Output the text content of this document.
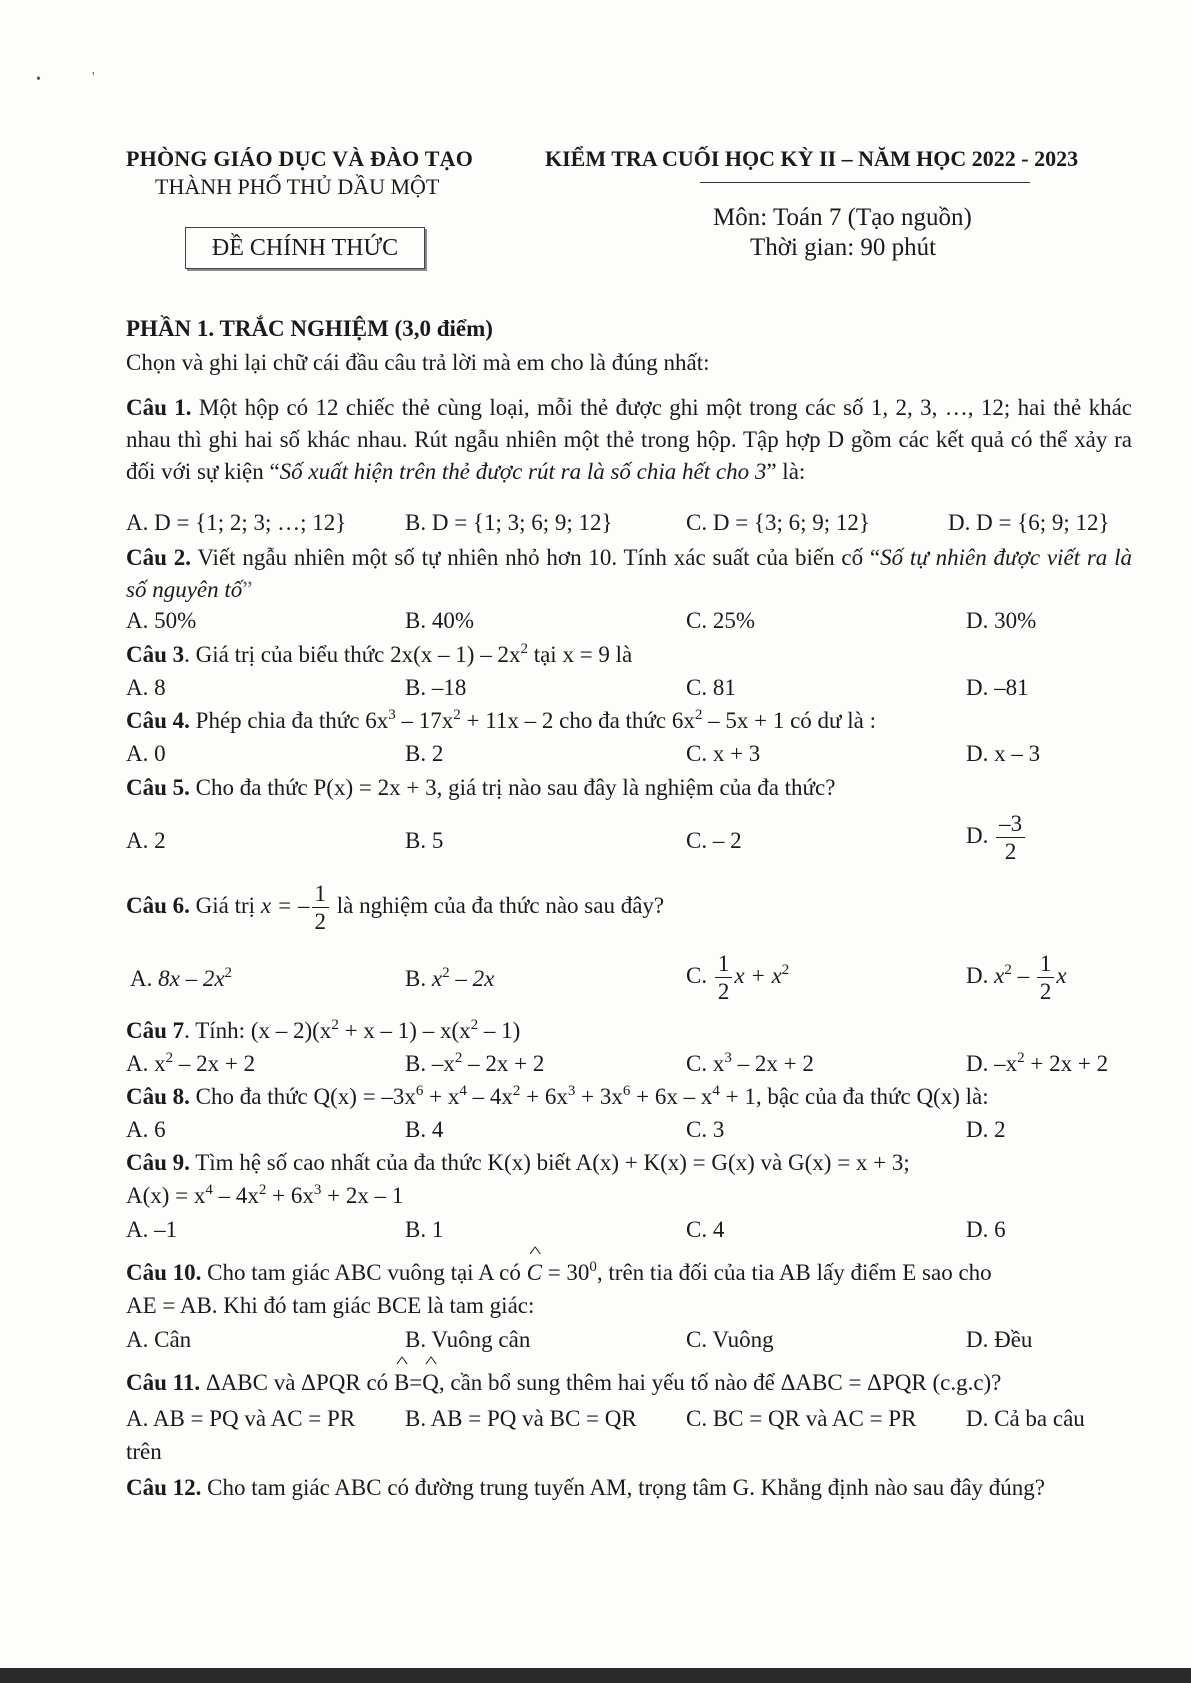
•	'
PHÒNG GIÁO DỤC VÀ ĐÀO TẠO
THÀNH PHỐ THỦ DẦU MỘT
KIỂM TRA CUỐI HỌC KỲ II – NĂM HỌC 2022 - 2023
Môn: Toán 7 (Tạo nguồn)
Thời gian: 90 phút
ĐỀ CHÍNH THỨC
PHẦN 1. TRẮC NGHIỆM (3,0 điểm)
Chọn và ghi lại chữ cái đầu câu trả lời mà em cho là đúng nhất:
Câu 1. Một hộp có 12 chiếc thẻ cùng loại, mỗi thẻ được ghi một trong các số 1, 2, 3, …, 12; hai thẻ khác nhau thì ghi hai số khác nhau. Rút ngẫu nhiên một thẻ trong hộp. Tập hợp D gồm các kết quả có thể xảy ra đối với sự kiện “Số xuất hiện trên thẻ được rút ra là số chia hết cho 3” là:
A. D = {1; 2; 3; …; 12}	B. D = {1; 3; 6; 9; 12}	C. D = {3; 6; 9; 12}	D. D = {6; 9; 12}
Câu 2. Viết ngẫu nhiên một số tự nhiên nhỏ hơn 10. Tính xác suất của biến cố “Số tự nhiên được viết ra là số nguyên tố”
A. 50%	B. 40%	C. 25%	D. 30%
Câu 3. Giá trị của biểu thức $2x(x - 1) - 2x^2$ tại x = 9 là
A. 8	B. –18	C. 81	D. –81
Câu 4. Phép chia đa thức $6x^3 - 17x^2 + 11x - 2$ cho đa thức $6x^2 - 5x + 1$ có dư là :
A. 0	B. 2	C. x + 3	D. x – 3
Câu 5. Cho đa thức P(x) = 2x + 3, giá trị nào sau đây là nghiệm của đa thức?
A. 2	B. 5	C. – 2	D. $\frac{-3}{2}$
Câu 6. Giá trị x = – $\frac{1}{2}$ là nghiệm của đa thức nào sau đây?
A. $8x - 2x^2$	B. $x^2 - 2x$	C. $\frac{1}{2}$ $x + x^2$	D. $x^2 - \frac{1}{2}$ x
Câu 7. Tính: $(x - 2)(x^2 + x - 1) - x(x^2 - 1)$
A. $x^2 - 2x + 2$	B. $-x^2 - 2x + 2$	C. $x^3 - 2x + 2$	D. $-x^2 + 2x + 2$
Câu 8. Cho đa thức $Q(x) = -3x^6 + x^4 - 4x^2 + 6x^3 + 3x^6 + 6x - x^4 + 1$, bậc của đa thức Q(x) là:
A. 6	B. 4	C. 3	D. 2
Câu 9. Tìm hệ số cao nhất của đa thức K(x) biết A(x) + K(x) = G(x) và G(x) = x + 3;
$A(x) = x^4 - 4x^2 + 6x^3 + 2x - 1$
A. –1	B. 1	C. 4	D. 6
Câu 10. Cho tam giác ABC vuông tại A có ^ $C = 30^0$, trên tia đối của tia AB lấy điểm E sao cho
AE = AB. Khi đó tam giác BCE là tam giác:
A. Cân	B. Vuông cân	C. Vuông	D. Đều
Câu 11. ΔABC và ΔPQR có ^ B=^ Q, cần bổ sung thêm hai yếu tố nào để ΔABC = ΔPQR (c.g.c)?
A. AB = PQ và AC = PR B. AB = PQ và BC = QR C. BC = QR và AC = PR D. Cả ba câu
trên
Câu 12. Cho tam giác ABC có đường trung tuyến AM, trọng tâm G. Khẳng định nào sau đây đúng?
